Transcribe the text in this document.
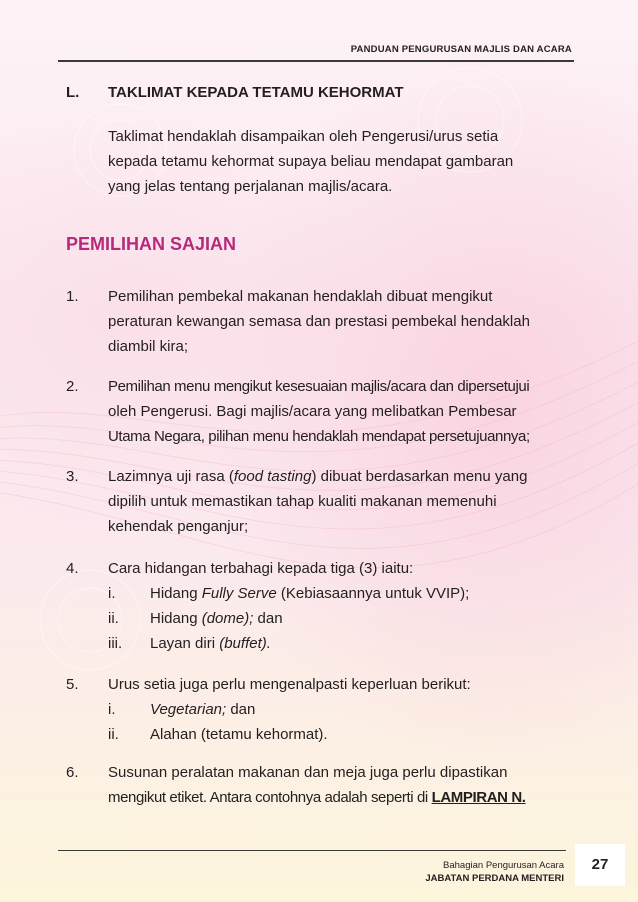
PANDUAN PENGURUSAN MAJLIS DAN ACARA
L. TAKLIMAT KEPADA TETAMU KEHORMAT
Taklimat hendaklah disampaikan oleh Pengerusi/urus setia
kepada tetamu kehormat supaya beliau mendapat gambaran
yang jelas tentang perjalanan majlis/acara.
PEMILIHAN SAJIAN
1. Pemilihan pembekal makanan hendaklah dibuat mengikut
peraturan kewangan semasa dan prestasi pembekal hendaklah
diambil kira;
2. Pemilihan menu mengikut kesesuaian majlis/acara dan dipersetujui
oleh Pengerusi. Bagi majlis/acara yang melibatkan Pembesar
Utama Negara, pilihan menu hendaklah mendapat persetujuannya;
3. Lazimnya uji rasa (food tasting) dibuat berdasarkan menu yang
dipilih untuk memastikan tahap kualiti makanan memenuhi
kehendak penganjur;
4. Cara hidangan terbahagi kepada tiga (3) iaitu:
i. Hidang Fully Serve (Kebiasaannya untuk VVIP);
ii. Hidang (dome); dan
iii. Layan diri (buffet).
5. Urus setia juga perlu mengenalpasti keperluan berikut:
i. Vegetarian; dan
ii. Alahan (tetamu kehormat).
6. Susunan peralatan makanan dan meja juga perlu dipastikan
mengikut etiket. Antara contohnya adalah seperti di LAMPIRAN N.
Bahagian Pengurusan Acara
JABATAN PERDANA MENTERI
27
